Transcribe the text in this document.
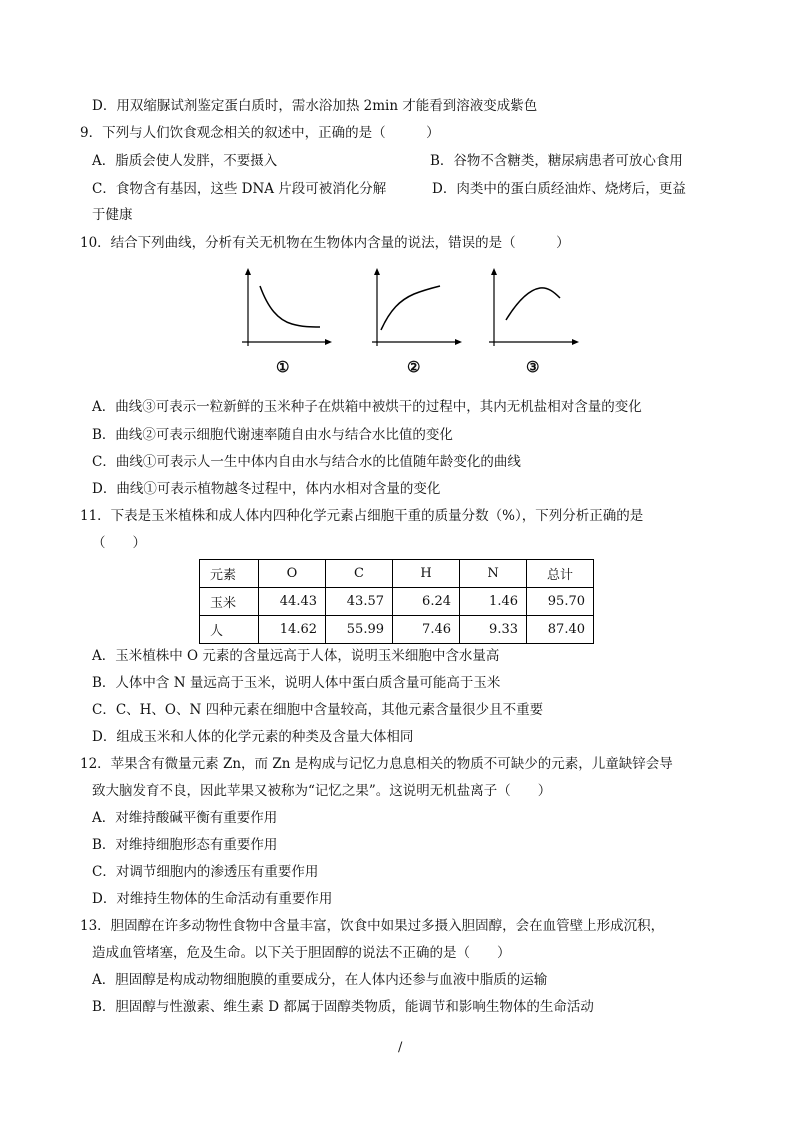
D．用双缩脲试剂鉴定蛋白质时，需水浴加热 2min 才能看到溶液变成紫色
9．下列与人们饮食观念相关的叙述中，正确的是（　　　）
A．脂质会使人发胖，不要摄入	B．谷物不含糖类，糖尿病患者可放心食用
C．食物含有基因，这些 DNA 片段可被消化分解	D．肉类中的蛋白质经油炸、烧烤后，更益
于健康
10．结合下列曲线，分析有关无机物在生物体内含量的说法，错误的是（　　　）
①	②	③
A．曲线③可表示一粒新鲜的玉米种子在烘箱中被烘干的过程中，其内无机盐相对含量的变化
B．曲线②可表示细胞代谢速率随自由水与结合水比值的变化
C．曲线①可表示人一生中体内自由水与结合水的比值随年龄变化的曲线
D．曲线①可表示植物越冬过程中，体内水相对含量的变化
11．下表是玉米植株和成人体内四种化学元素占细胞干重的质量分数（%），下列分析正确的是
（　　）
元素	O	C	H	N	总计
玉米	44.43	43.57	6.24	1.46	95.70
人	14.62	55.99	7.46	9.33	87.40
A．玉米植株中 O 元素的含量远高于人体，说明玉米细胞中含水量高
B．人体中含 N 量远高于玉米，说明人体中蛋白质含量可能高于玉米
C．C、H、O、N 四种元素在细胞中含量较高，其他元素含量很少且不重要
D．组成玉米和人体的化学元素的种类及含量大体相同
12．苹果含有微量元素 Zn，而 Zn 是构成与记忆力息息相关的物质不可缺少的元素，儿童缺锌会导
致大脑发育不良，因此苹果又被称为“记忆之果”。这说明无机盐离子（　　）
A．对维持酸碱平衡有重要作用
B．对维持细胞形态有重要作用
C．对调节细胞内的渗透压有重要作用
D．对维持生物体的生命活动有重要作用
13．胆固醇在许多动物性食物中含量丰富，饮食中如果过多摄入胆固醇，会在血管壁上形成沉积，
造成血管堵塞，危及生命。以下关于胆固醇的说法不正确的是（　　）
A．胆固醇是构成动物细胞膜的重要成分，在人体内还参与血液中脂质的运输
B．胆固醇与性激素、维生素 D 都属于固醇类物质，能调节和影响生物体的生命活动
/
